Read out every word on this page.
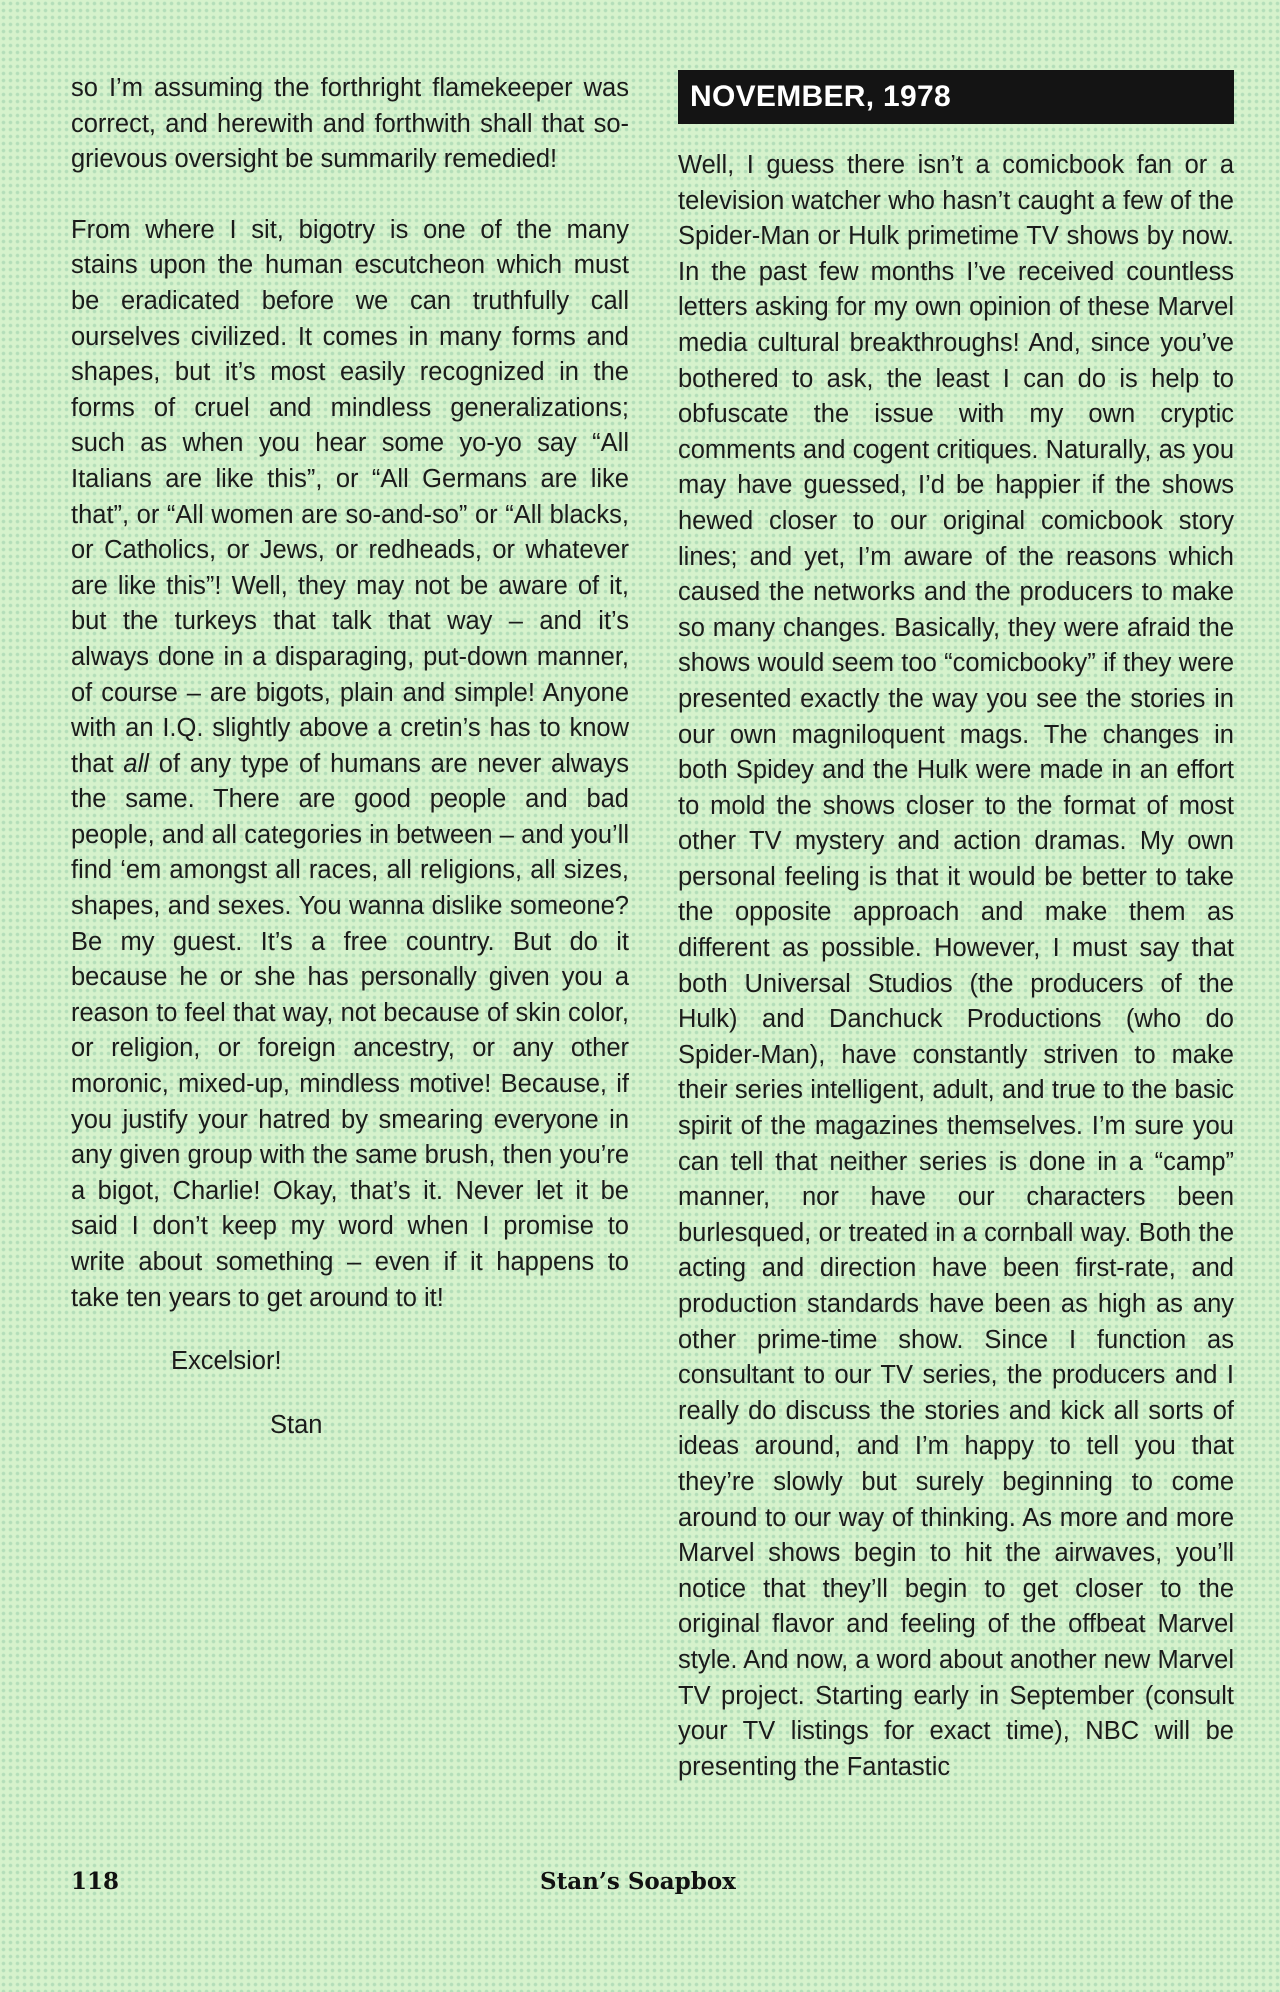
so I’m assuming the forthright flamekeeper was correct, and herewith and forthwith shall that so-grievous oversight be summarily remedied!

From where I sit, bigotry is one of the many stains upon the human escutcheon which must be eradicated before we can truthfully call ourselves civilized. It comes in many forms and shapes, but it’s most easily recognized in the forms of cruel and mindless generalizations; such as when you hear some yo-yo say “All Italians are like this”, or “All Germans are like that”, or “All women are so-and-so” or “All blacks, or Catholics, or Jews, or redheads, or whatever are like this”! Well, they may not be aware of it, but the turkeys that talk that way – and it’s always done in a disparaging, put-down manner, of course – are bigots, plain and simple! Anyone with an I.Q. slightly above a cretin’s has to know that all of any type of humans are never always the same. There are good people and bad people, and all categories in between – and you’ll find ‘em amongst all races, all religions, all sizes, shapes, and sexes. You wanna dislike someone? Be my guest. It’s a free country. But do it because he or she has personally given you a reason to feel that way, not because of skin color, or religion, or foreign ancestry, or any other moronic, mixed-up, mindless motive! Because, if you justify your hatred by smearing everyone in any given group with the same brush, then you’re a bigot, Charlie! Okay, that’s it. Never let it be said I don’t keep my word when I promise to write about something – even if it happens to take ten years to get around to it!

Excelsior!

Stan

NOVEMBER, 1978

Well, I guess there isn’t a comicbook fan or a television watcher who hasn’t caught a few of the Spider-Man or Hulk primetime TV shows by now. In the past few months I’ve received countless letters asking for my own opinion of these Marvel media cultural breakthroughs! And, since you’ve bothered to ask, the least I can do is help to obfuscate the issue with my own cryptic comments and cogent critiques. Naturally, as you may have guessed, I’d be happier if the shows hewed closer to our original comicbook story lines; and yet, I’m aware of the reasons which caused the networks and the producers to make so many changes. Basically, they were afraid the shows would seem too “comicbooky” if they were presented exactly the way you see the stories in our own magniloquent mags. The changes in both Spidey and the Hulk were made in an effort to mold the shows closer to the format of most other TV mystery and action dramas. My own personal feeling is that it would be better to take the opposite approach and make them as different as possible. However, I must say that both Universal Studios (the producers of the Hulk) and Danchuck Productions (who do Spider-Man), have constantly striven to make their series intelligent, adult, and true to the basic spirit of the magazines themselves. I’m sure you can tell that neither series is done in a “camp” manner, nor have our characters been burlesqued, or treated in a cornball way. Both the acting and direction have been first-rate, and production standards have been as high as any other prime-time show. Since I function as consultant to our TV series, the producers and I really do discuss the stories and kick all sorts of ideas around, and I’m happy to tell you that they’re slowly but surely beginning to come around to our way of thinking. As more and more Marvel shows begin to hit the airwaves, you’ll notice that they’ll begin to get closer to the original flavor and feeling of the offbeat Marvel style. And now, a word about another new Marvel TV project. Starting early in September (consult your TV listings for exact time), NBC will be presenting the Fantastic

118	Stan’s Soapbox
